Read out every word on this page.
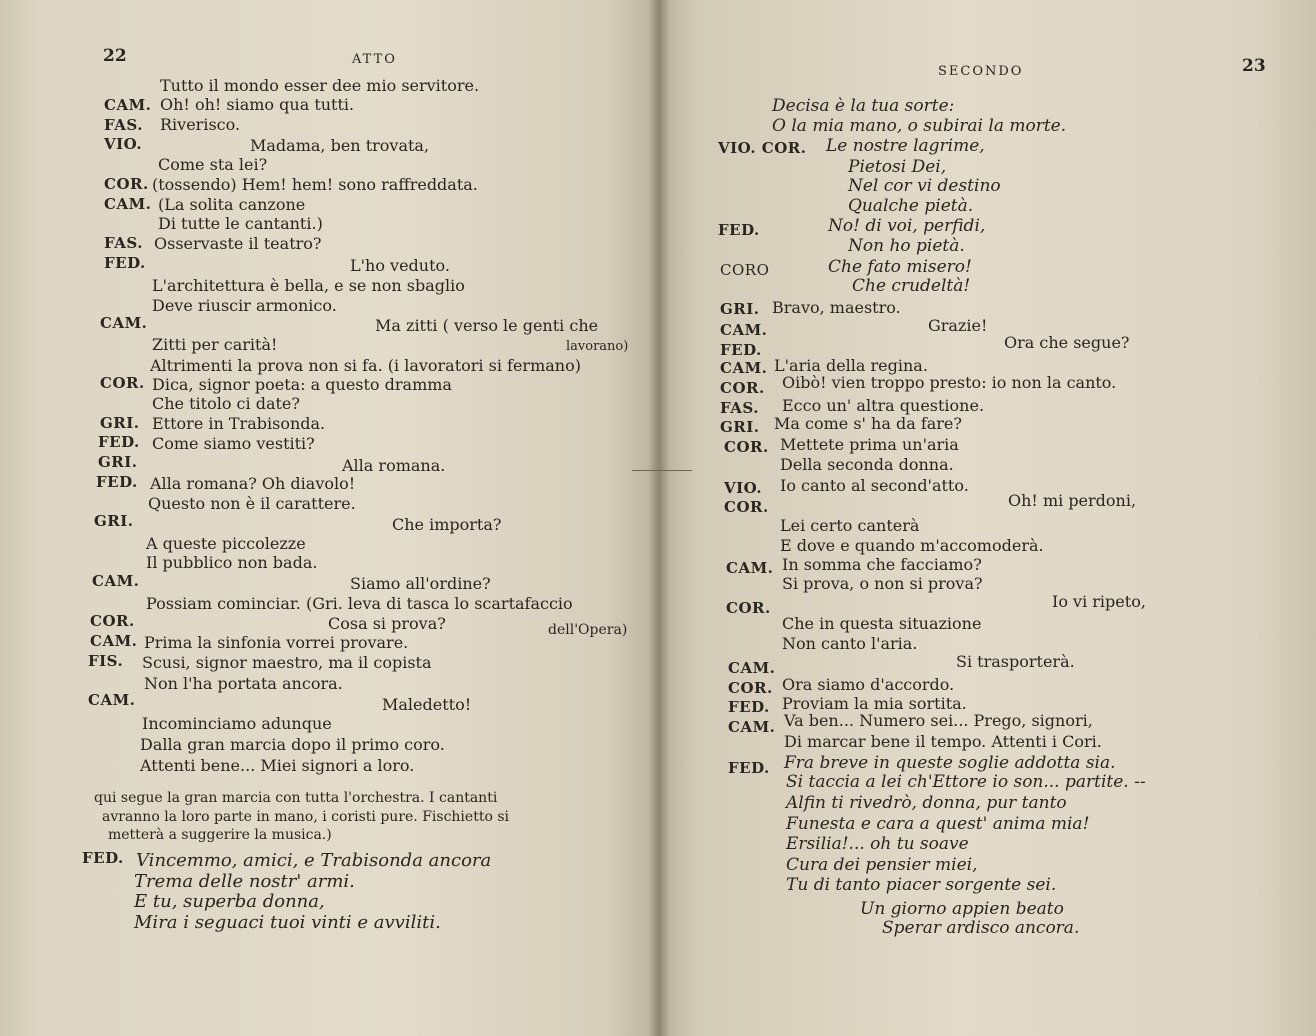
22	ATTO
Tutto il mondo esser dee mio servitore.
CAM. Oh! oh! siamo qua tutti.
FAS. Riverisco.
VIO.	Madama, ben trovata,
Come sta lei?
COR. (tossendo) Hem! hem! sono raffreddata.
CAM. (La solita canzone
Di tutte le cantanti.)
FAS. Osservaste il teatro?
FED.	L'ho veduto.
L'architettura è bella, e se non sbaglio
Deve riuscir armonico.
CAM.	Ma zitti ( verso le genti che
Zitti per carità!	lavorano)
Altrimenti la prova non si fa. (i lavoratori si fermano)
COR. Dica, signor poeta: a questo dramma
Che titolo ci date?
GRI. Ettore in Trabisonda.
FED. Come siamo vestiti?
GRI.	Alla romana.
FED. Alla romana? Oh diavolo!
Questo non è il carattere.
GRI.	Che importa?
A queste piccolezze
Il pubblico non bada.
CAM.	Siamo all'ordine?
Possiam cominciar. (Gri. leva di tasca lo scartafaccio
COR.	Cosa si prova?	dell'Opera)
CAM. Prima la sinfonia vorrei provare.
FIS. Scusi, signor maestro, ma il copista
Non l'ha portata ancora.
CAM.	Maledetto!
Incominciamo adunque
Dalla gran marcia dopo il primo coro.
Attenti bene... Miei signori a loro.
qui segue la gran marcia con tutta l'orchestra. I cantanti
avranno la loro parte in mano, i coristi pure. Fischietto si
metterà a suggerire la musica.)
FED. Vincemmo, amici, e Trabisonda ancora
Trema delle nostr' armi.
E tu, superba donna,
Mira i seguaci tuoi vinti e avviliti.
SECONDO	23
Decisa è la tua sorte:
O la mia mano, o subirai la morte.
VIO. COR. Le nostre lagrime,
Pietosi Dei,
Nel cor vi destino
Qualche pietà.
FED.	No! di voi, perfidi,
Non ho pietà.
CORO	Che fato misero!
Che crudeltà!
GRI. Bravo, maestro.
CAM.	Grazie!
FED.	Ora che segue?
CAM. L'aria della regina.
COR. Oibò! vien troppo presto: io non la canto.
FAS. Ecco un' altra questione.
GRI. Ma come s' ha da fare?
COR. Mettete prima un'aria
Della seconda donna.
VIO. Io canto al second'atto.
COR.	Oh! mi perdoni,
Lei certo canterà
E dove e quando m'accomoderà.
CAM. In somma che facciamo?
Si prova, o non si prova?
COR.	Io vi ripeto,
Che in questa situazione
Non canto l'aria.
CAM.	Si trasporterà.
COR. Ora siamo d'accordo.
FED. Proviam la mia sortita.
CAM. Va ben... Numero sei... Prego, signori,
Di marcar bene il tempo. Attenti i Cori.
FED. Fra breve in queste soglie addotta sia.
Si taccia a lei ch'Ettore io son... partite. --
Alfin ti rivedrò, donna, pur tanto
Funesta e cara a quest' anima mia!
Ersilia!... oh tu soave
Cura dei pensier miei,
Tu di tanto piacer sorgente sei.
Un giorno appien beato
Sperar ardisco ancora.
